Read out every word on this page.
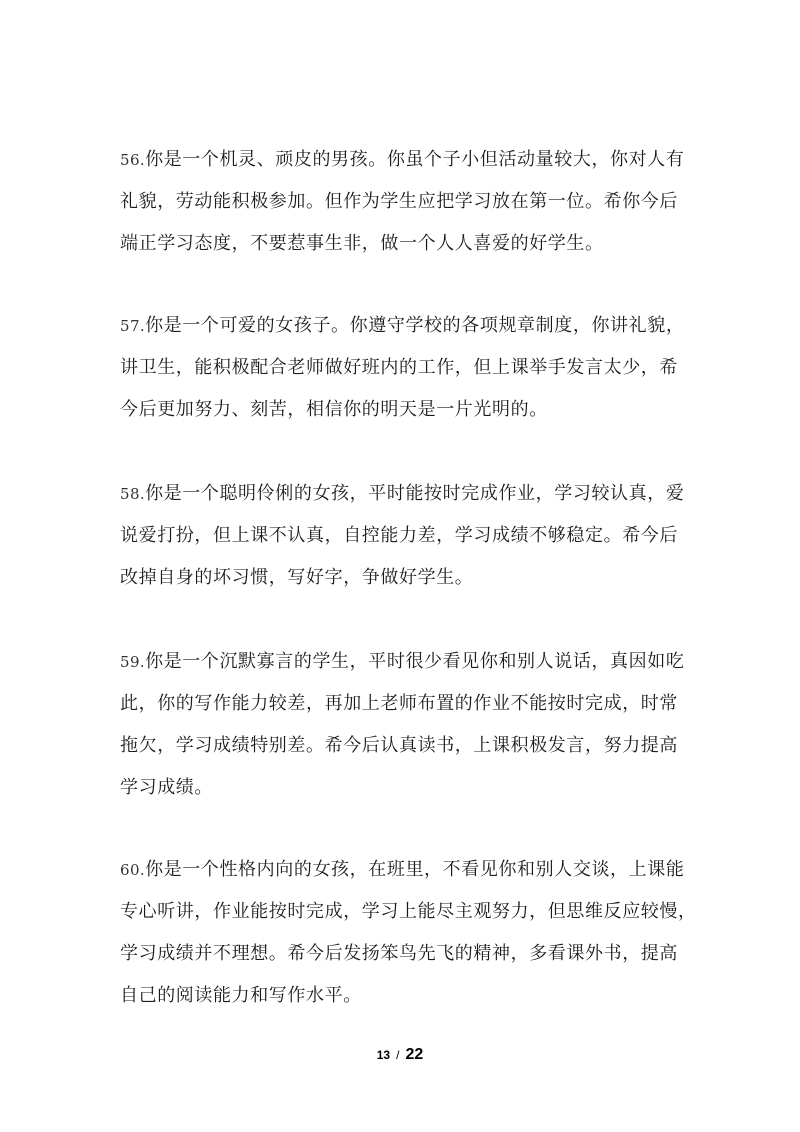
56.你是一个机灵、顽皮的男孩。你虽个子小但活动量较大，你对人有
礼貌，劳动能积极参加。但作为学生应把学习放在第一位。希你今后
端正学习态度，不要惹事生非，做一个人人喜爱的好学生。
57.你是一个可爱的女孩子。你遵守学校的各项规章制度，你讲礼貌，
讲卫生，能积极配合老师做好班内的工作，但上课举手发言太少，希
今后更加努力、刻苦，相信你的明天是一片光明的。
58.你是一个聪明伶俐的女孩，平时能按时完成作业，学习较认真，爱
说爱打扮，但上课不认真，自控能力差，学习成绩不够稳定。希今后
改掉自身的坏习惯，写好字，争做好学生。
59.你是一个沉默寡言的学生，平时很少看见你和别人说话，真因如吃
此，你的写作能力较差，再加上老师布置的作业不能按时完成，时常
拖欠，学习成绩特别差。希今后认真读书，上课积极发言，努力提高
学习成绩。
60.你是一个性格内向的女孩，在班里，不看见你和别人交谈，上课能
专心听讲，作业能按时完成，学习上能尽主观努力，但思维反应较慢，
学习成绩并不理想。希今后发扬笨鸟先飞的精神，多看课外书，提高
自己的阅读能力和写作水平。
13 / 22
